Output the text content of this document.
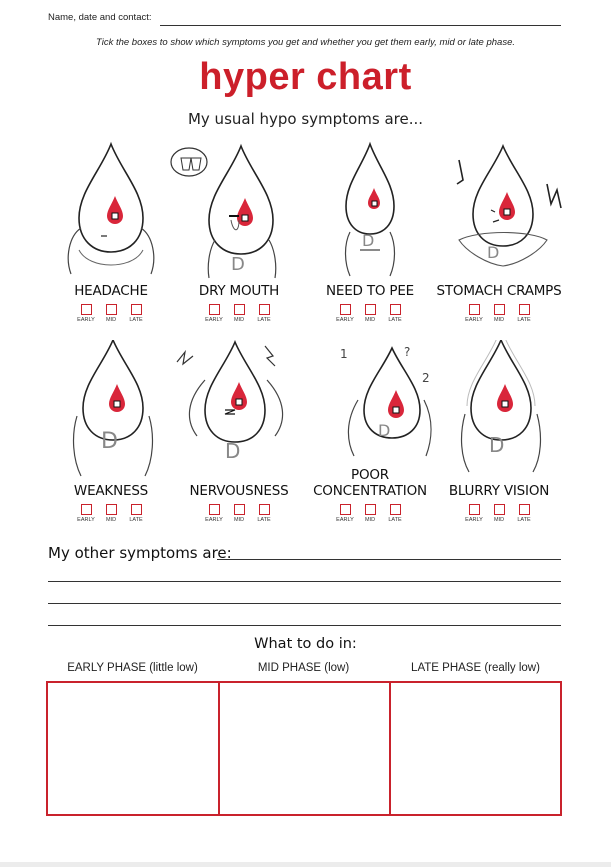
Name, date and contact:
Tick the boxes to show which symptoms you get and whether you get them early, mid or late phase.
hyper chart
My usual hypo symptoms are...
HEADACHE
EARLY	MID	LATE
D
DRY MOUTH
EARLY	MID	LATE
D
NEED TO PEE
EARLY	MID	LATE
D
STOMACH CRAMPS
EARLY	MID	LATE
D
WEAKNESS
EARLY	MID	LATE
D
NERVOUSNESS
EARLY	MID	LATE
1	?
2
D
POOR
CONCENTRATION
EARLY	MID	LATE
D
BLURRY VISION
EARLY	MID	LATE
My other symptoms are:
What to do in:
EARLY PHASE (little low)	MID PHASE (low)	LATE PHASE (really low)
